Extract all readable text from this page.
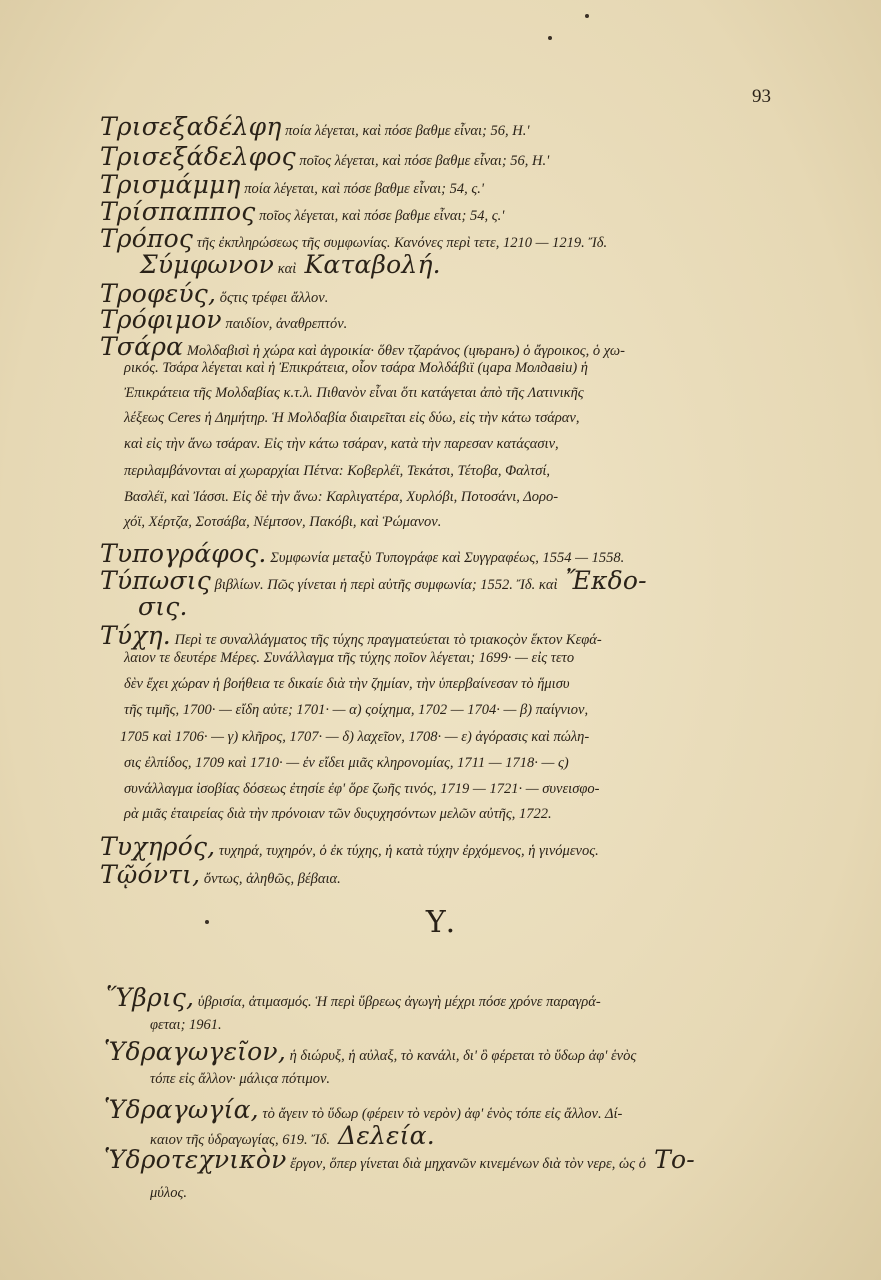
93
Τρισεξαδέλφη ποία λέγεται, καὶ πόσε βαθμε εἶναι; 56, Η.'
Τρισεξάδελφος ποῖος λέγεται, καὶ πόσε βαθμε εἶναι; 56, Η.'
Τρισμάμμη ποία λέγεται, καὶ πόσε βαθμε εἶναι; 54, ς.'
Τρίσπαππος ποῖος λέγεται, καὶ πόσε βαθμε εἶναι; 54, ς.'
Τρόπος τῆς ἐκπληρώσεως τῆς συμφωνίας. Κανόνες περὶ τετε, 1210 — 1219. Ἴδ.
Σύμφωνον καὶ Καταβολή.
Τροφεύς, ὅςτις τρέφει ἄλλον.
Τρόφιμον παιδίον, ἀναθρεπτόν.
Τσάρα Μολδαβισὶ ἡ χώρα καὶ ἀγροικία· ὅθεν τζαράνος (цѣранъ) ὁ ἄγροικος, ὁ χω-
ρικός. Τσάρα λέγεται καὶ ἡ Ἐπικράτεια, οἷον τσάρα Μολδάβιϊ (цара Молдавіи) ἡ
Ἐπικράτεια τῆς Μολδαβίας κ.τ.λ. Πιθανὸν εἶναι ὅτι κατάγεται ἀπὸ τῆς Λατινικῆς
λέξεως Ceres ἡ Δημήτηρ. Ἡ Μολδαβία διαιρεῖται εἰς δύω, εἰς τὴν κάτω τσάραν,
καὶ εἰς τὴν ἄνω τσάραν. Εἰς τὴν κάτω τσάραν, κατὰ τὴν παρεσαν κατάςασιν,
περιλαμβάνονται αἱ χωραρχίαι Πέτνα: Κοβερλέϊ, Τεκάτσι, Τέτοβα, Φαλτσί,
Βασλέϊ, καὶ Ἰάσσι. Εἰς δὲ τὴν ἄνω: Καρλιγατέρα, Χυρλόβι, Ποτοσάνι, Δορο-
χόϊ, Χέρτζα, Σοτσάβα, Νέμτσον, Πακόβι, καὶ Ῥώμανον.
Τυπογράφος. Συμφωνία μεταξὺ Τυπογράφε καὶ Συγγραφέως, 1554 — 1558.
Τύπωσις βιβλίων. Πῶς γίνεται ἡ περὶ αὐτῆς συμφωνία; 1552. Ἴδ. καὶ Ἔκδο-
σις.
Τύχη. Περὶ τε συναλλάγματος τῆς τύχης πραγματεύεται τὸ τριακοςὸν ἕκτον Κεφά-
λαιον τε δευτέρε Μέρες. Συνάλλαγμα τῆς τύχης ποῖον λέγεται; 1699· — εἰς τετο
δὲν ἔχει χώραν ἡ βοήθεια τε δικαίε διὰ τὴν ζημίαν, τὴν ὑπερβαίνεσαν τὸ ἥμισυ
τῆς τιμῆς, 1700· — εἴδη αὐτε; 1701· — α) ςοίχημα, 1702 — 1704· — β) παίγνιον,
1705 καὶ 1706· — γ) κλῆρος, 1707· — δ) λαχεῖον, 1708· — ε) ἀγόρασις καὶ πώλη-
σις ἐλπίδος, 1709 καὶ 1710· — ἐν εἴδει μιᾶς κληρονομίας, 1711 — 1718· — ς)
συνάλλαγμα ἰσοβίας δόσεως ἐτησίε ἐφ' ὅρε ζωῆς τινός, 1719 — 1721· — συνεισφο-
ρὰ μιᾶς ἑταιρείας διὰ τὴν πρόνοιαν τῶν δυςυχησόντων μελῶν αὐτῆς, 1722.
Τυχηρός, τυχηρά, τυχηρόν, ὁ ἐκ τύχης, ἡ κατὰ τύχην ἐρχόμενος, ἡ γινόμενος.
Τῷόντι, ὄντως, ἀληθῶς, βέβαια.
Ὕβρις, ὑβρισία, ἀτιμασμός. Ἡ περὶ ὕβρεως ἀγωγὴ μέχρι πόσε χρόνε παραγρά-
φεται; 1961.
Ὑδραγωγεῖον, ἡ διώρυξ, ἡ αὐλαξ, τὸ κανάλι, δι' ὃ φέρεται τὸ ὕδωρ ἀφ' ἑνὸς
τόπε εἰς ἄλλον· μάλιςα πότιμον.
Ὑδραγωγία, τὸ ἄγειν τὸ ὕδωρ (φέρειν τὸ νερὸν) ἀφ' ἑνὸς τόπε εἰς ἄλλον. Δί-
καιον τῆς ὑδραγωγίας, 619. Ἴδ. Δελεία.
Ὑδροτεχνικὸν ἔργον, ὅπερ γίνεται διὰ μηχανῶν κινεμένων διὰ τὸν νερε, ὡς ὁ Το-
μύλος.
Υ.
